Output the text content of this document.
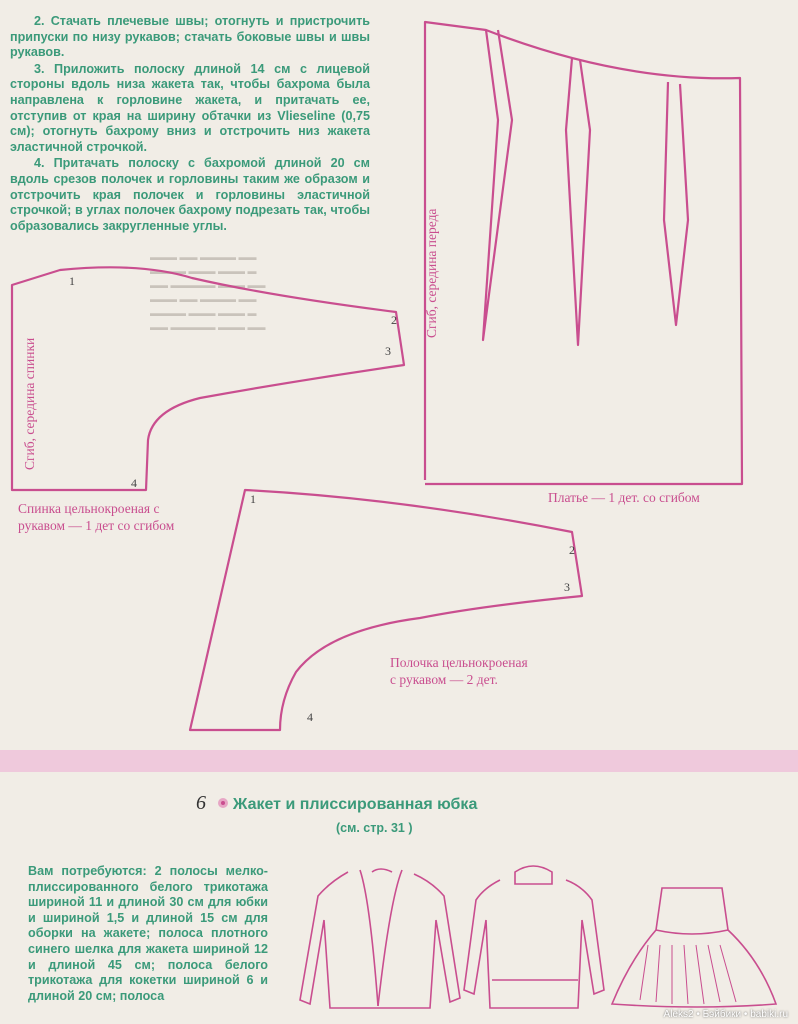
▬▬▬ ▬▬ ▬▬▬▬ ▬▬
▬▬▬▬ ▬▬▬ ▬▬▬ ▬
▬▬ ▬▬▬▬▬ ▬▬▬ ▬▬
▬▬▬ ▬▬ ▬▬▬▬ ▬▬
▬▬▬▬ ▬▬▬ ▬▬▬ ▬
▬▬ ▬▬▬▬▬ ▬▬▬ ▬▬

2. Стачать плечевые швы; отогнуть и пристрочить припуски по низу рукавов; стачать боковые швы и швы рукавов.

3. Приложить полоску длиной 14 см с лицевой стороны вдоль низа жакета так, чтобы бахрома была направлена к горловине жакета, и притачать ее, отступив от края на ширину обтачки из Vlieseline (0,75 см); отогнуть бахрому вниз и отстрочить низ жакета эластичной строчкой.

4. Притачать полоску с бахромой длиной 20 см вдоль срезов полочек и горловины таким же образом и отстрочить края полочек и горловины эластичной строчкой; в углах полочек бахрому подрезать так, чтобы образовались закругленные углы.	Сгиб, середина переда
Сгиб, середина спинки
1
2
3
4
1
2
3
4
Платье — 1 дет. со сгибом
Спинка цельнокроеная с
рукавом — 1 дет со сгибом
Полочка цельнокроеная
с рукавом — 2 дет.
6 Жакет и плиссированная юбка
(см. стр. 31 )
Вам потребуются: 2 полосы мелко-плиссированного белого трикотажа шириной 11 и длиной 30 см для юбки и шириной 1,5 и длиной 15 см для оборки на жакете; полоса плотного синего шелка для жакета шириной 12 и длиной 45 см; полоса белого трикотажа для кокетки шириной 6 и длиной 20 см; полоса
Aleks2 • Бэйбики • babiki.ru
